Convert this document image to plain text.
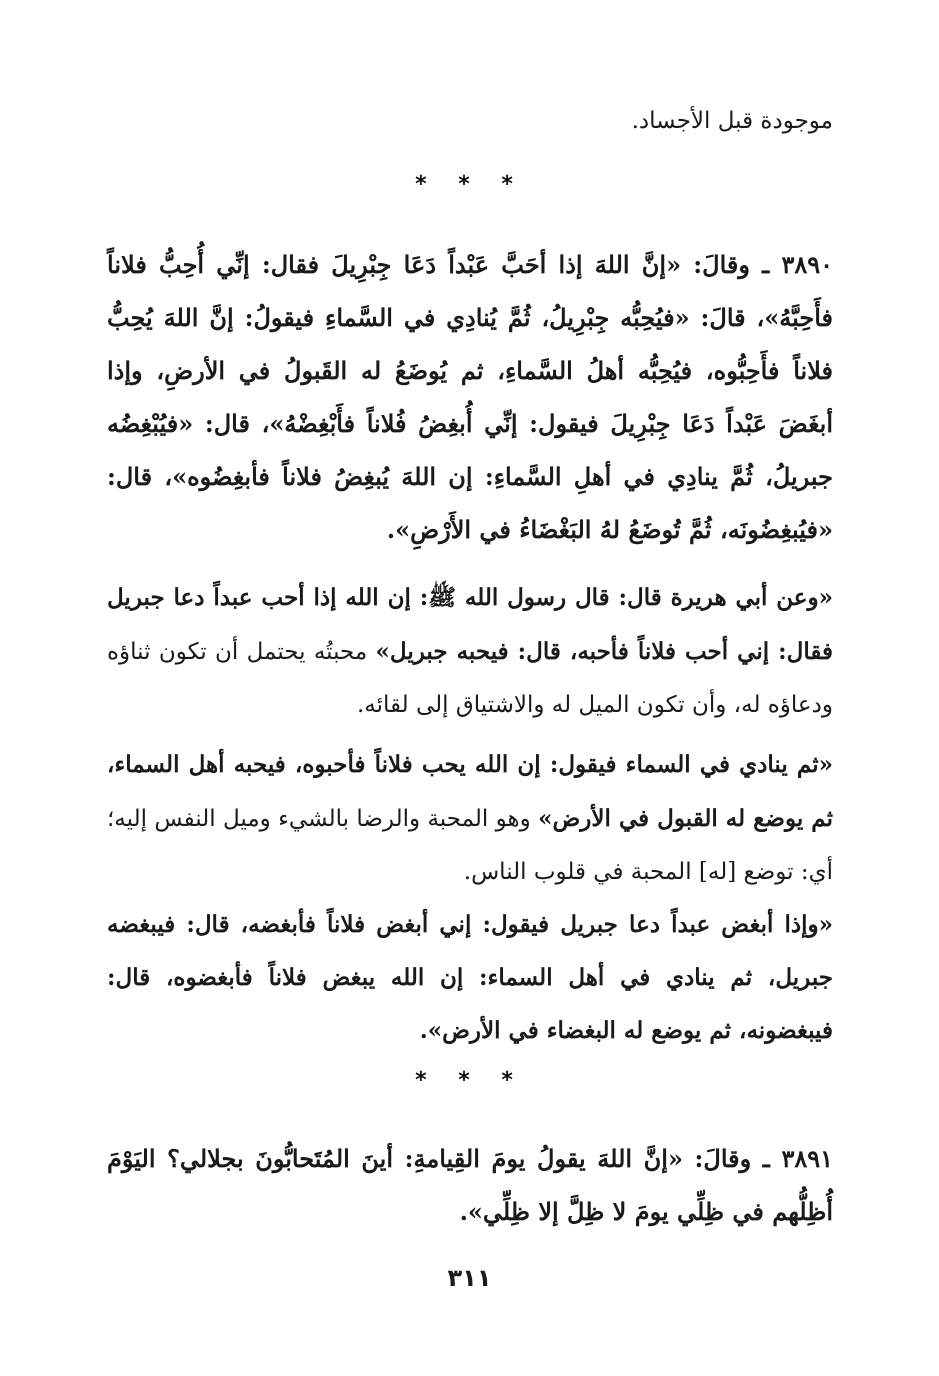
موجودة قبل الأجساد.
* * *
٣٨٩٠ ـ وقالَ: «إنَّ اللهَ إذا أحَبَّ عَبْداً دَعَا جِبْرِيلَ فقال: إنِّي أُحِبُّ فلاناً فأَحِبَّهُ»، قالَ: «فيُحِبُّه جِبْرِيلُ، ثُمَّ يُنادِي في السَّماءِ فيقولُ: إنَّ اللهَ يُحِبُّ فلاناً فأَحِبُّوه، فيُحِبُّه أهلُ السَّماءِ، ثم يُوضَعُ له القَبولُ في الأرضِ، وإذا أبغَضَ عَبْداً دَعَا جِبْرِيلَ فيقول: إنِّي أُبغِضُ فُلاناً فأَبْغِضْهُ»، قال: «فيُبْغِضُه جبريلُ، ثُمَّ ينادِي في أهلِ السَّماءِ: إن اللهَ يُبغِضُ فلاناً فأبغِضُوه»، قال: «فيُبغِضُونَه، ثُمَّ تُوضَعُ لهُ البَغْضَاءُ في الأَرْضِ».
«وعن أبي هريرة قال: قال رسول الله ﷺ: إن الله إذا أحب عبداً دعا جبريل فقال: إني أحب فلاناً فأحبه، قال: فيحبه جبريل» محبتُه يحتمل أن تكون ثناؤه ودعاؤه له، وأن تكون الميل له والاشتياق إلى لقائه.
«ثم ينادي في السماء فيقول: إن الله يحب فلاناً فأحبوه، فيحبه أهل السماء، ثم يوضع له القبول في الأرض» وهو المحبة والرضا بالشيء وميل النفس إليه؛ أي: توضع [له] المحبة في قلوب الناس.
«وإذا أبغض عبداً دعا جبريل فيقول: إني أبغض فلاناً فأبغضه، قال: فيبغضه جبريل، ثم ينادي في أهل السماء: إن الله يبغض فلاناً فأبغضوه، قال: فيبغضونه، ثم يوضع له البغضاء في الأرض».
* * *
٣٨٩١ ـ وقالَ: «إنَّ اللهَ يقولُ يومَ القِيامةِ: أينَ المُتَحابُّونَ بجلالي؟ اليَوْمَ أُظِلُّهم في ظِلِّي يومَ لا ظِلَّ إلا ظِلِّي».
٣١١
